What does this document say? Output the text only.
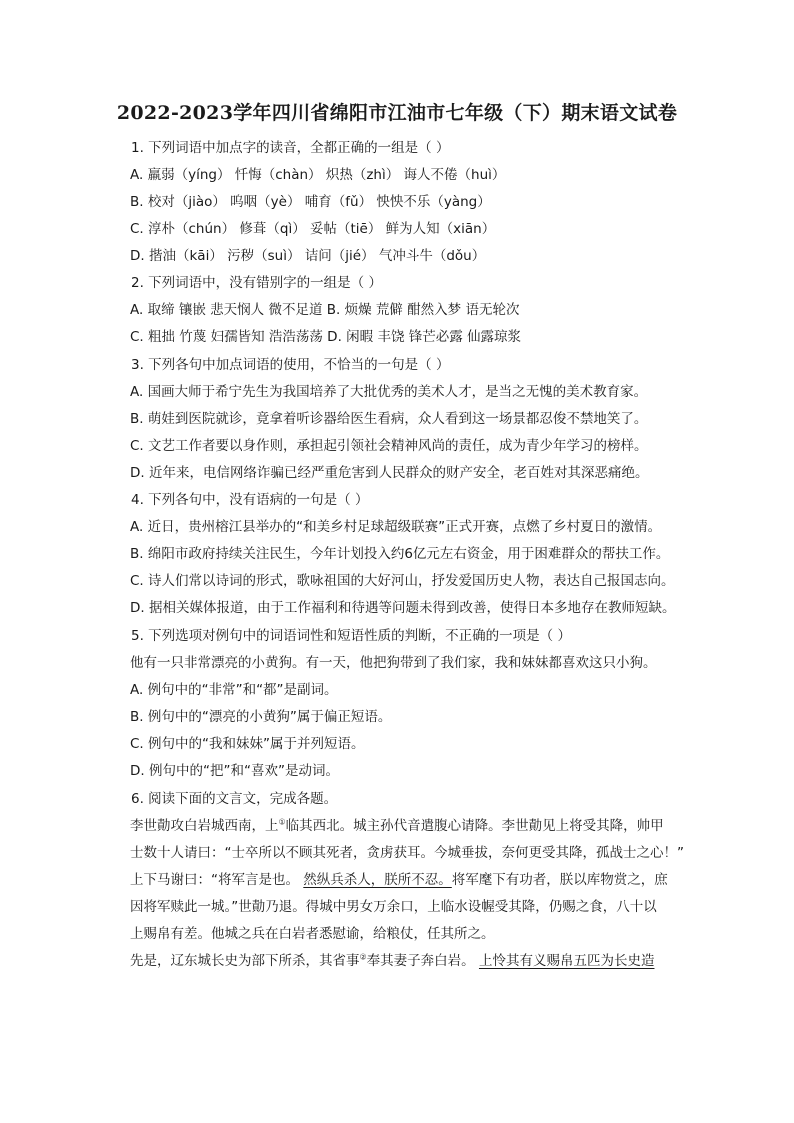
2022-2023学年四川省绵阳市江油市七年级（下）期末语文试卷
1. 下列词语中加点字的读音，全都正确的一组是（ ）
A. 羸弱（yíng） 忏悔（chàn） 炽热（zhì） 诲人不倦（huì）
B. 校对（jiào） 呜咽（yè） 哺育（fǔ） 怏怏不乐（yàng）
C. 淳朴（chún） 修葺（qì） 妥帖（tiē） 鲜为人知（xiān）
D. 揩油（kāi） 污秽（suì） 诘问（jié） 气冲斗牛（dǒu）
2. 下列词语中，没有错别字的一组是（ ）
A. 取缔 镶嵌 悲天悯人 微不足道 B. 烦燥 荒僻 酣然入梦 语无轮次
C. 粗拙 竹蔑 妇孺皆知 浩浩荡荡 D. 闲暇 丰饶 锋芒必露 仙露琼浆
3. 下列各句中加点词语的使用，不恰当的一句是（ ）
A. 国画大师于希宁先生为我国培养了大批优秀的美术人才，是当之无愧的美术教育家。
B. 萌娃到医院就诊，竟拿着听诊器给医生看病，众人看到这一场景都忍俊不禁地笑了。
C. 文艺工作者要以身作则，承担起引领社会精神风尚的责任，成为青少年学习的榜样。
D. 近年来，电信网络诈骗已经严重危害到人民群众的财产安全，老百姓对其深恶痛绝。
4. 下列各句中，没有语病的一句是（ ）
A. 近日，贵州榕江县举办的“和美乡村足球超级联赛”正式开赛，点燃了乡村夏日的激情。
B. 绵阳市政府持续关注民生，今年计划投入约6亿元左右资金，用于困难群众的帮扶工作。
C. 诗人们常以诗词的形式，歌咏祖国的大好河山，抒发爱国历史人物，表达自己报国志向。
D. 据相关媒体报道，由于工作福利和待遇等问题未得到改善，使得日本多地存在教师短缺。
5. 下列选项对例句中的词语词性和短语性质的判断，不正确的一项是（ ）
他有一只非常漂亮的小黄狗。有一天，他把狗带到了我们家，我和妹妹都喜欢这只小狗。
A. 例句中的“非常”和“都”是副词。
B. 例句中的“漂亮的小黄狗”属于偏正短语。
C. 例句中的“我和妹妹”属于并列短语。
D. 例句中的“把”和“喜欢”是动词。
6. 阅读下面的文言文，完成各题。
李世勣攻白岩城西南，上①临其西北。城主孙代音遣腹心请降。李世勣见上将受其降，帅甲
士数十人请曰：“士卒所以不顾其死者，贪虏获耳。今城垂拔，奈何更受其降，孤战士之心！”
上下马谢曰：“将军言是也。 然纵兵杀人，朕所不忍。将军麾下有功者，朕以库物赏之，庶
因将军赎此一城。”世勣乃退。得城中男女万余口，上临水设幄受其降，仍赐之食，八十以
上赐帛有差。他城之兵在白岩者悉慰谕，给粮仗，任其所之。
先是，辽东城长史为部下所杀，其省事②奉其妻子奔白岩。 上怜其有义赐帛五匹为长史造
